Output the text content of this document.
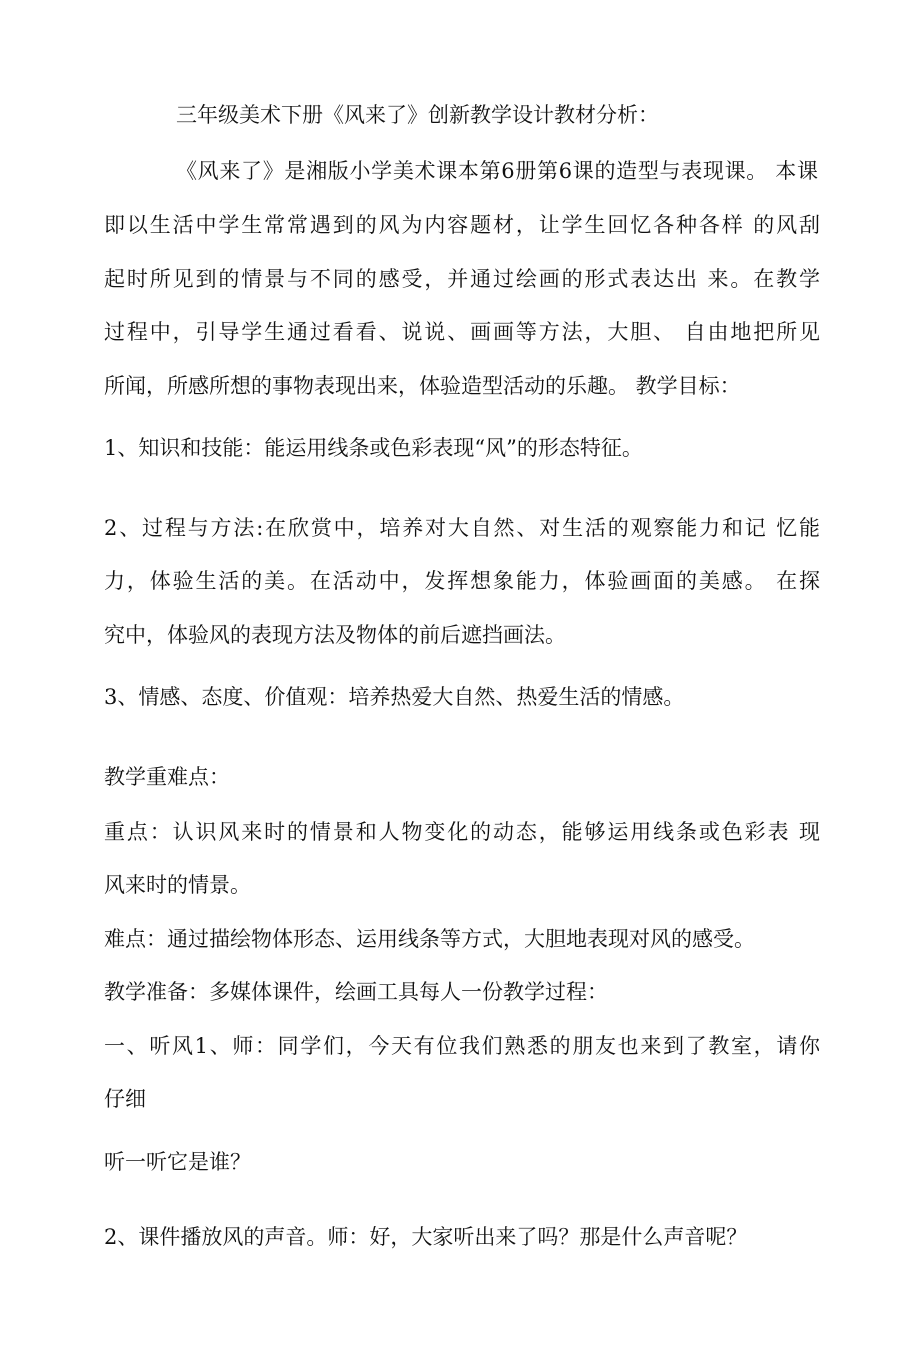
三年级美术下册《风来了》创新教学设计教材分析：
《风来了》是湘版小学美术课本第6册第6课的造型与表现课。 本课
即以生活中学生常常遇到的风为内容题材，让学生回忆各种各样 的风刮
起时所见到的情景与不同的感受，并通过绘画的形式表达出 来。在教学
过程中，引导学生通过看看、说说、画画等方法，大胆、 自由地把所见
所闻，所感所想的事物表现出来，体验造型活动的乐趣。 教学目标：
1、知识和技能：能运用线条或色彩表现“风”的形态特征。
2、过程与方法:在欣赏中，培养对大自然、对生活的观察能力和记 忆能
力，体验生活的美。在活动中，发挥想象能力，体验画面的美感。 在探
究中，体验风的表现方法及物体的前后遮挡画法。
3、情感、态度、价值观：培养热爱大自然、热爱生活的情感。
教学重难点：
重点：认识风来时的情景和人物变化的动态，能够运用线条或色彩表 现
风来时的情景。
难点：通过描绘物体形态、运用线条等方式，大胆地表现对风的感受。
教学准备：多媒体课件，绘画工具每人一份教学过程：
一、听风1、师：同学们，今天有位我们熟悉的朋友也来到了教室，请你
仔细
听一听它是谁？
2、课件播放风的声音。师：好，大家听出来了吗？那是什么声音呢？
